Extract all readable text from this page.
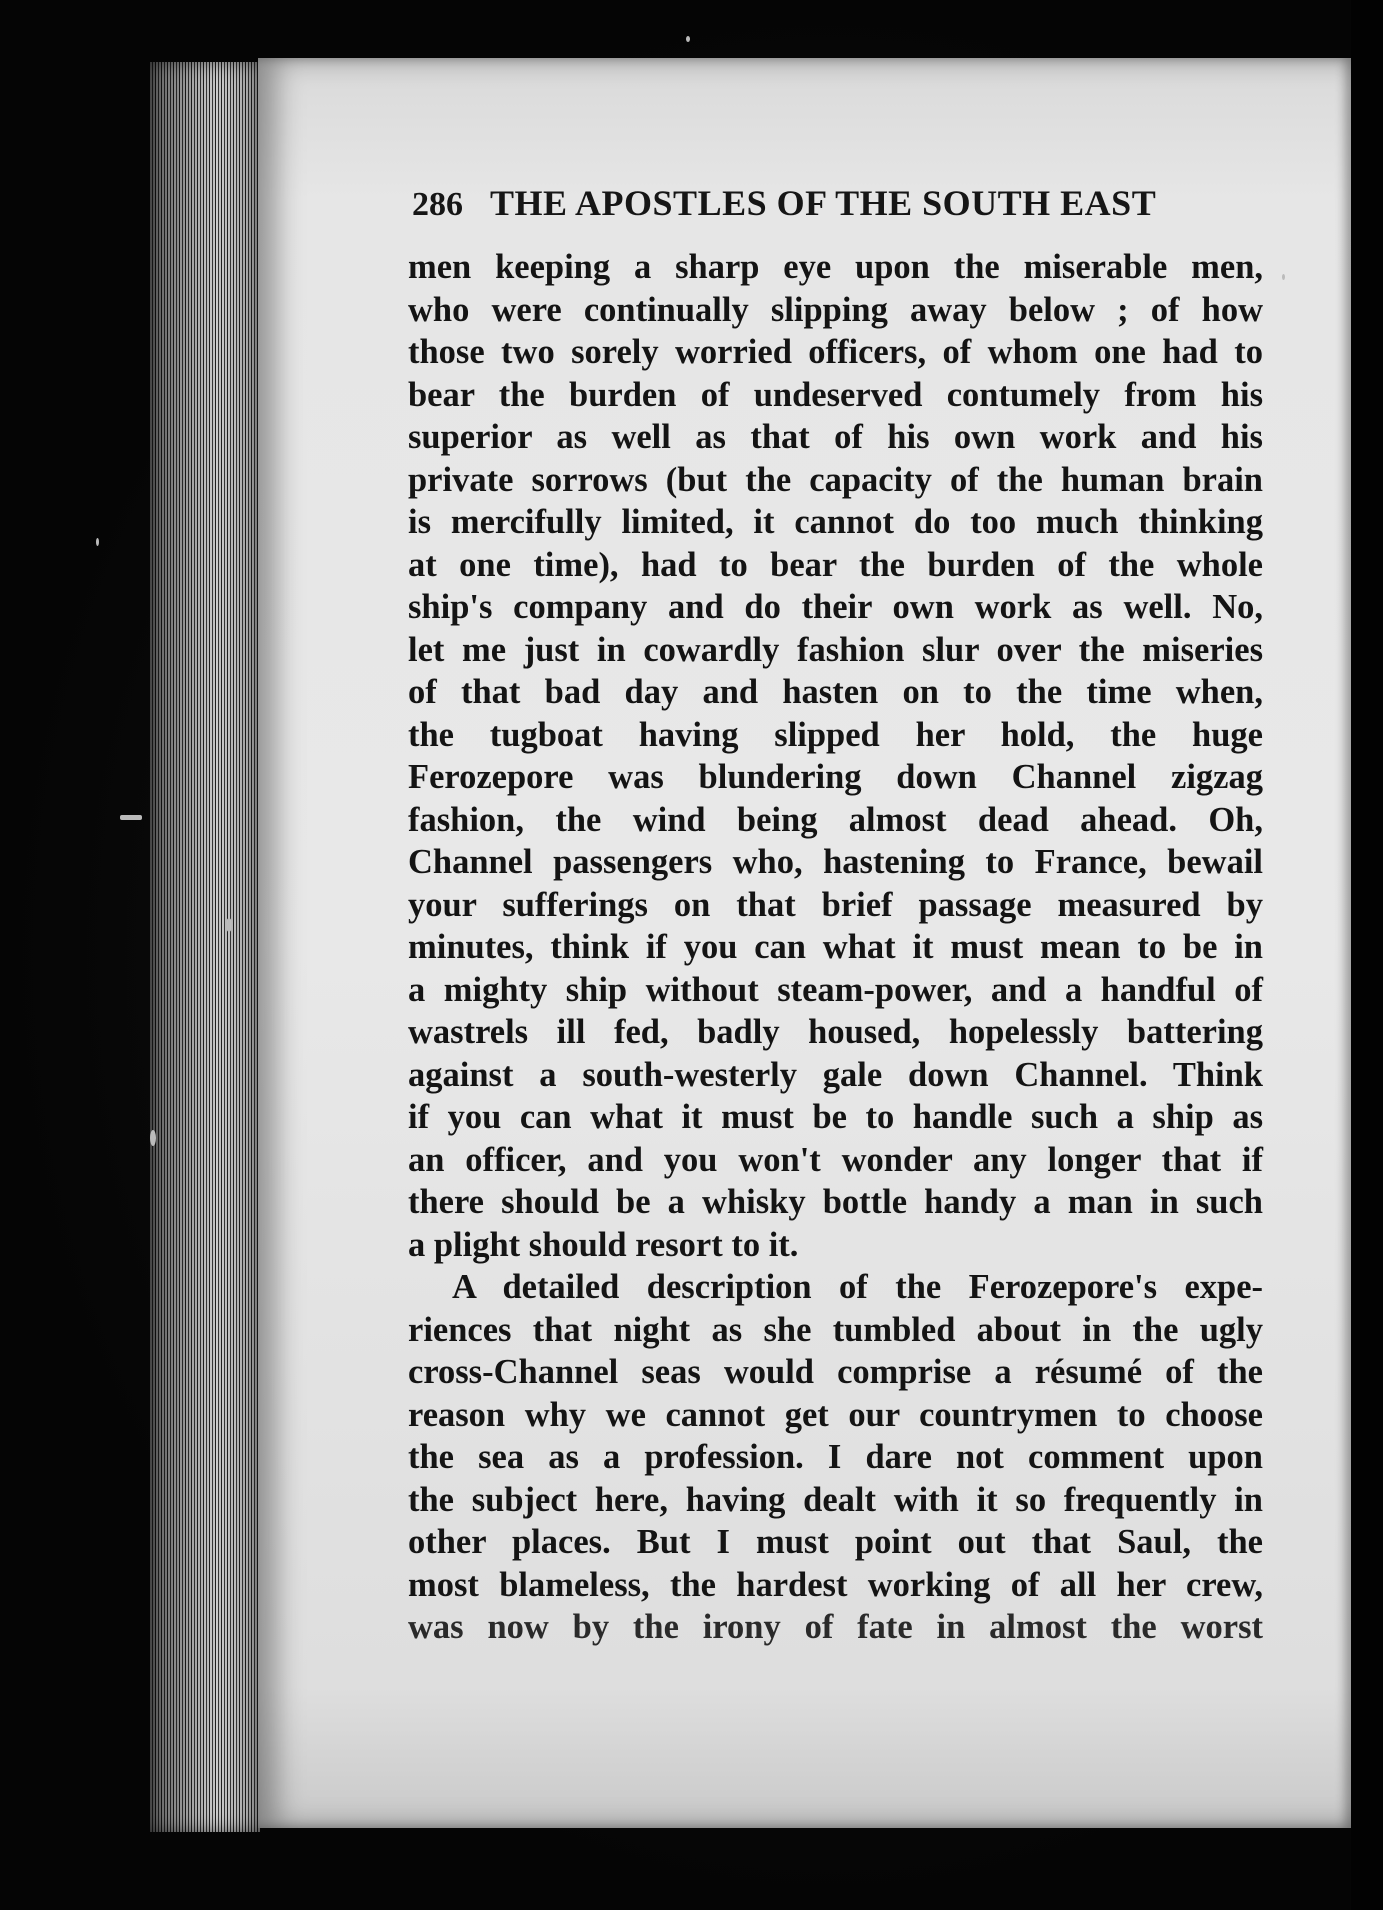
286 THE APOSTLES OF THE SOUTH EAST
men keeping a sharp eye upon the miserable men,
who were continually slipping away below ; of how
those two sorely worried officers, of whom one had to
bear the burden of undeserved contumely from his
superior as well as that of his own work and his
private sorrows (but the capacity of the human brain
is mercifully limited, it cannot do too much thinking
at one time), had to bear the burden of the whole
ship's company and do their own work as well. No,
let me just in cowardly fashion slur over the miseries
of that bad day and hasten on to the time when,
the tugboat having slipped her hold, the huge
Ferozepore was blundering down Channel zigzag
fashion, the wind being almost dead ahead. Oh,
Channel passengers who, hastening to France, bewail
your sufferings on that brief passage measured by
minutes, think if you can what it must mean to be in
a mighty ship without steam-power, and a handful of
wastrels ill fed, badly housed, hopelessly battering
against a south-westerly gale down Channel. Think
if you can what it must be to handle such a ship as
an officer, and you won't wonder any longer that if
there should be a whisky bottle handy a man in such
a plight should resort to it.
A detailed description of the Ferozepore's expe-
riences that night as she tumbled about in the ugly
cross-Channel seas would comprise a résumé of the
reason why we cannot get our countrymen to choose
the sea as a profession. I dare not comment upon
the subject here, having dealt with it so frequently in
other places. But I must point out that Saul, the
most blameless, the hardest working of all her crew,
was now by the irony of fate in almost the worst
